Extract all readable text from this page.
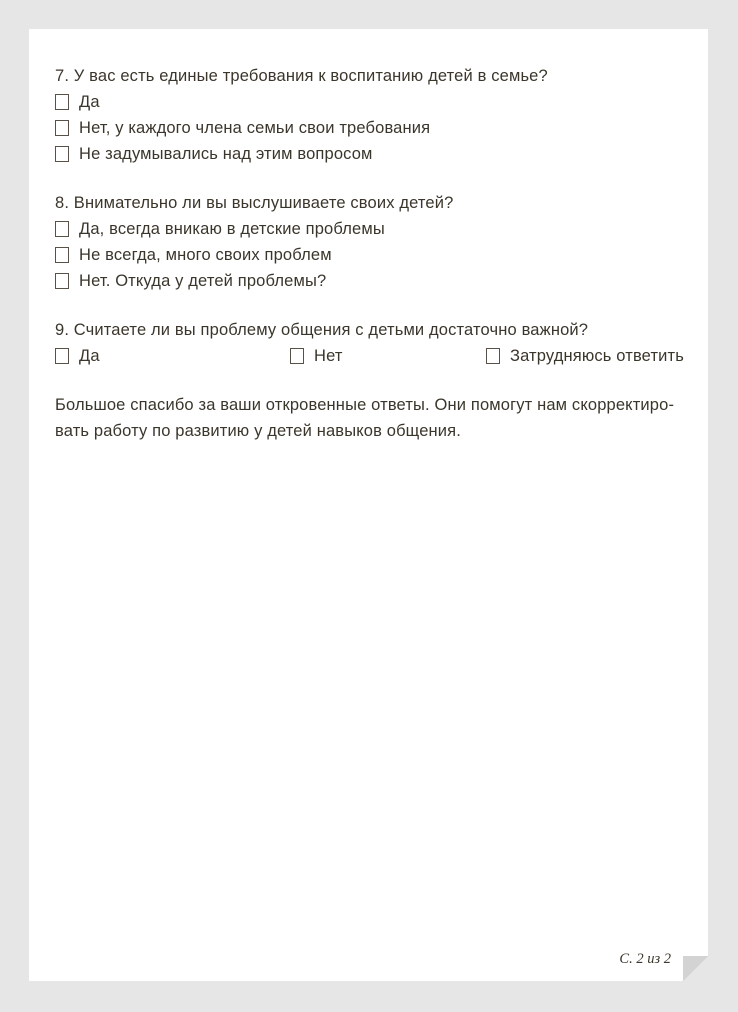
7. У вас есть единые требования к воспитанию детей в семье?
Да
Нет, у каждого члена семьи свои требования
Не задумывались над этим вопросом
8. Внимательно ли вы выслушиваете своих детей?
Да, всегда вникаю в детские проблемы
Не всегда, много своих проблем
Нет. Откуда у детей проблемы?
9. Считаете ли вы проблему общения с детьми достаточно важной?
Да	Нет	Затрудняюсь ответить
Большое спасибо за ваши откровенные ответы. Они помогут нам скорректиро-
вать работу по развитию у детей навыков общения.
С. 2 из 2
